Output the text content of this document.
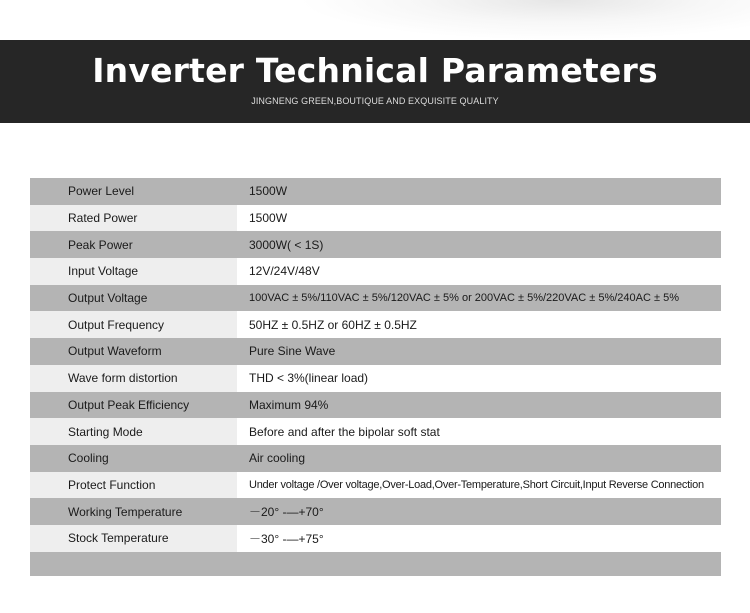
Inverter Technical Parameters
JINGNENG GREEN,BOUTIQUE AND EXQUISITE QUALITY
Power Level	1500W
Rated Power	1500W
Peak Power	3000W( < 1S)
Input Voltage	12V/24V/48V
Output Voltage	100VAC ± 5%/110VAC ± 5%/120VAC ± 5% or 200VAC ± 5%/220VAC ± 5%/240AC ± 5%
Output Frequency	50HZ ± 0.5HZ or 60HZ ± 0.5HZ
Output Waveform	Pure Sine Wave
Wave form distortion	THD < 3%(linear load)
Output Peak Efficiency	Maximum 94%
Starting Mode	Before and after the bipolar soft stat
Cooling	Air cooling
Protect Function	Under voltage /Over voltage,Over-Load,Over-Temperature,Short Circuit,Input Reverse Connection
Working Temperature	－20° ‐—+70°
Stock Temperature	－30° ‐—+75°
